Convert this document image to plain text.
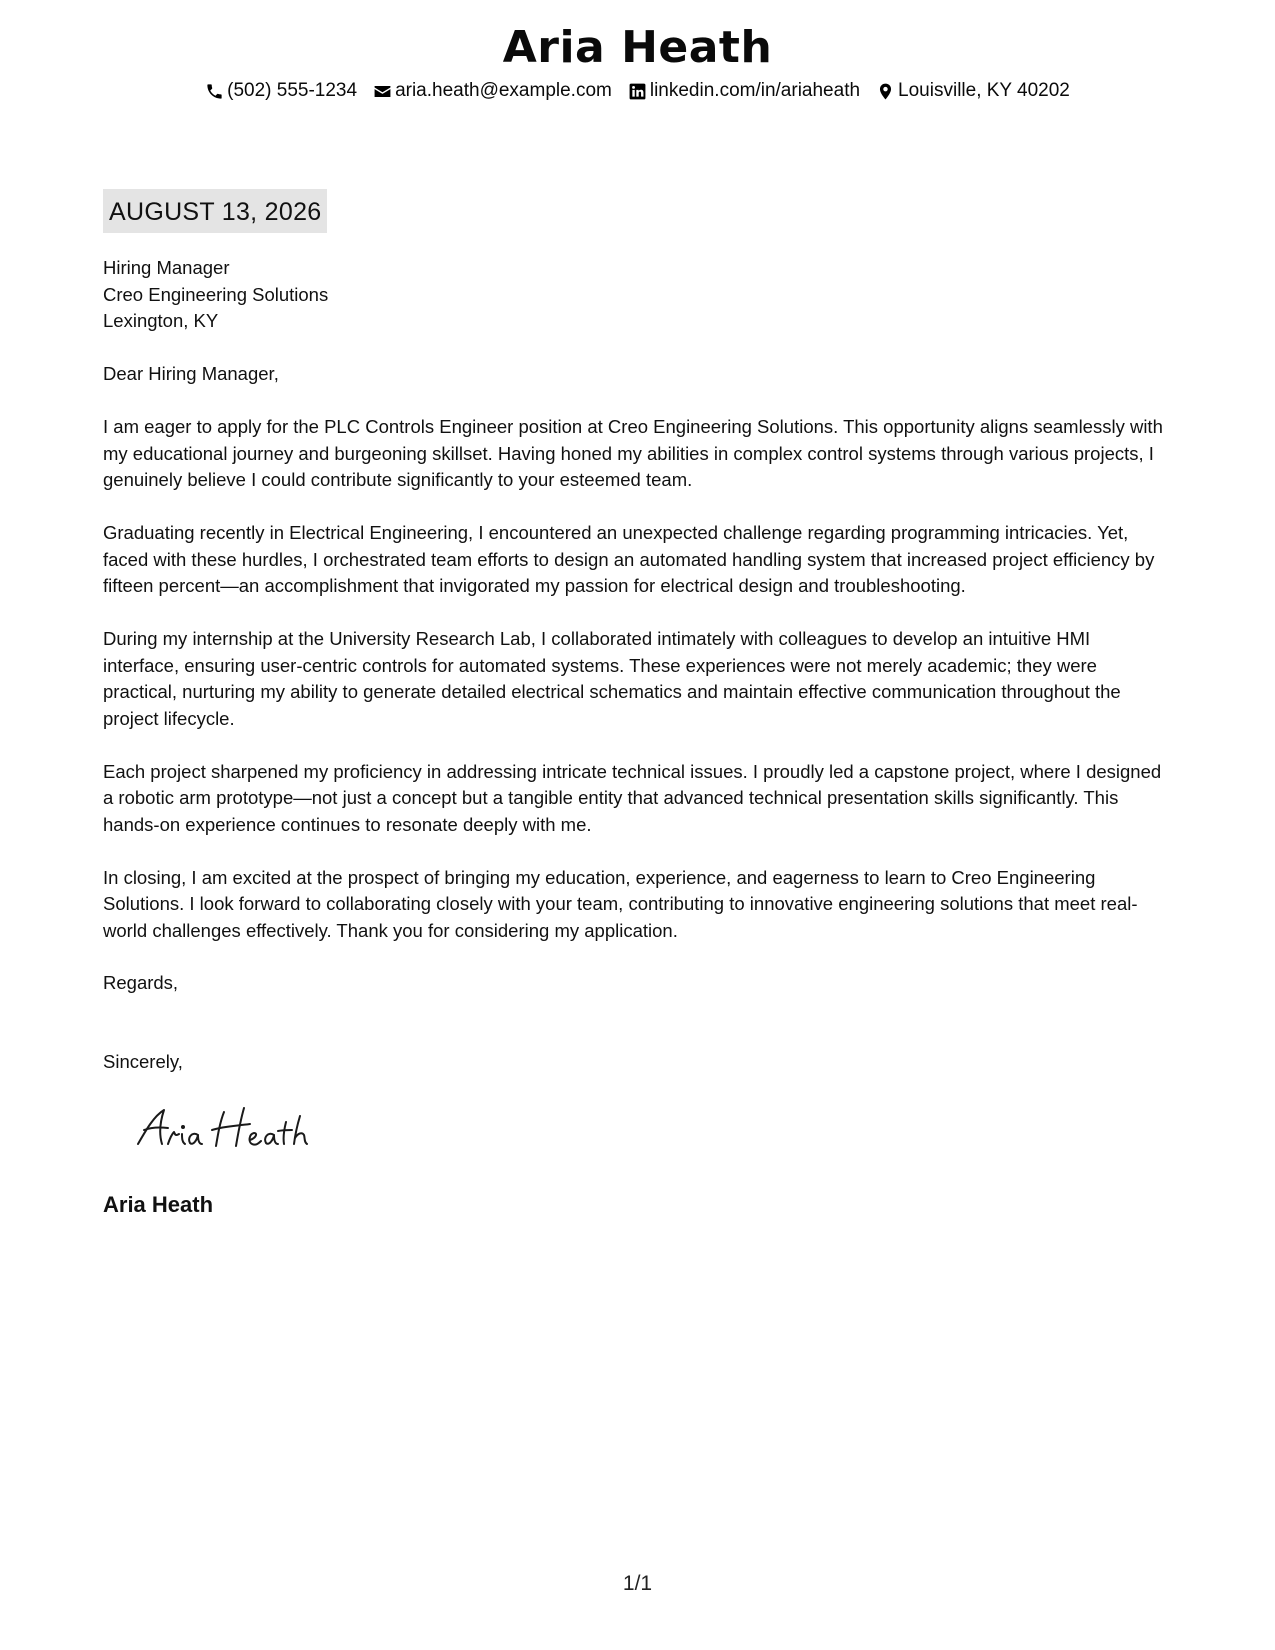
Aria Heath
(502) 555-1234 aria.heath@example.com linkedin.com/in/ariaheath Louisville, KY 40202
AUGUST 13, 2026
Hiring Manager
Creo Engineering Solutions
Lexington, KY

Dear Hiring Manager,

I am eager to apply for the PLC Controls Engineer position at Creo Engineering Solutions. This opportunity aligns seamlessly with my educational journey and burgeoning skillset. Having honed my abilities in complex control systems through various projects, I genuinely believe I could contribute significantly to your esteemed team.

Graduating recently in Electrical Engineering, I encountered an unexpected challenge regarding programming intricacies. Yet, faced with these hurdles, I orchestrated team efforts to design an automated handling system that increased project efficiency by fifteen percent—an accomplishment that invigorated my passion for electrical design and troubleshooting.

During my internship at the University Research Lab, I collaborated intimately with colleagues to develop an intuitive HMI interface, ensuring user-centric controls for automated systems. These experiences were not merely academic; they were practical, nurturing my ability to generate detailed electrical schematics and maintain effective communication throughout the project lifecycle.

Each project sharpened my proficiency in addressing intricate technical issues. I proudly led a capstone project, where I designed a robotic arm prototype—not just a concept but a tangible entity that advanced technical presentation skills significantly. This hands-on experience continues to resonate deeply with me.

In closing, I am excited at the prospect of bringing my education, experience, and eagerness to learn to Creo Engineering Solutions. I look forward to collaborating closely with your team, contributing to innovative engineering solutions that meet real-world challenges effectively. Thank you for considering my application.

Regards,
Sincerely,
Aria Heath
1/1
